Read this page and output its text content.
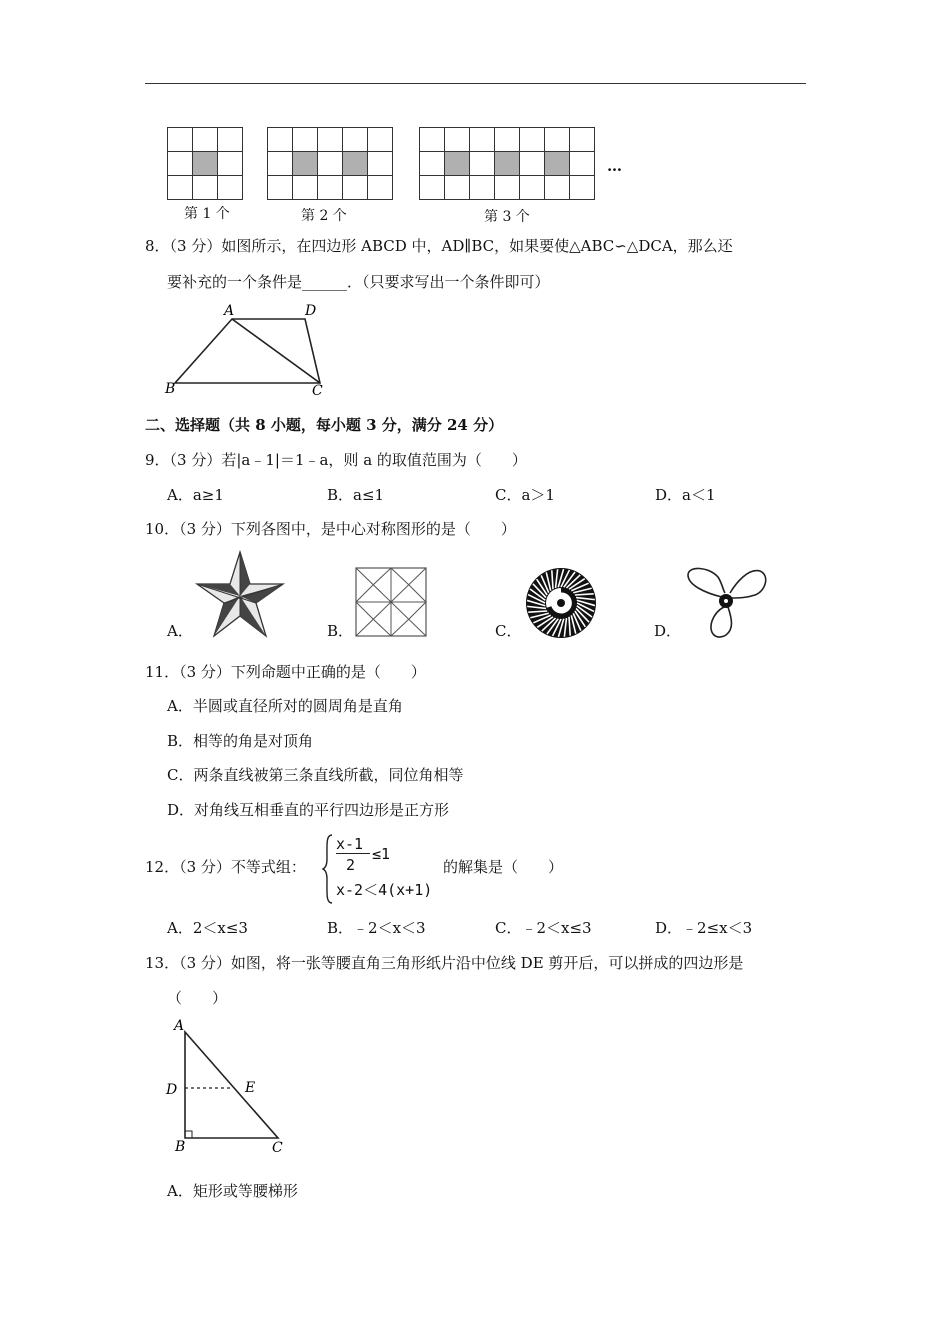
第 1 个	第 2 个	第 3 个
…
8．（3 分）如图所示，在四边形 ABCD 中，AD∥BC，如果要使△ABC∽△DCA，那么还
要补充的一个条件是______．（只要求写出一个条件即可）
A	D
B	C
二、选择题（共 8 小题，每小题 3 分，满分 24 分）
9．（3 分）若|a﹣1|＝1﹣a，则 a 的取值范围为（　　）
A．a≥1	B．a≤1	C．a＞1	D．a＜1
10．（3 分）下列各图中，是中心对称图形的是（　　）
A．	B．	C．	D．
11．（3 分）下列命题中正确的是（　　）
A．半圆或直径所对的圆周角是直角
B．相等的角是对顶角
C．两条直线被第三条直线所截，同位角相等
D．对角线互相垂直的平行四边形是正方形
12．（3 分）不等式组：
x-1
2
≤1
x-2＜4(x+1)
的解集是（　　）
A．2＜x≤3	B．﹣2＜x＜3	C．﹣2＜x≤3	D．﹣2≤x＜3
13．（3 分）如图，将一张等腰直角三角形纸片沿中位线 DE 剪开后，可以拼成的四边形是
（　　）
A
D	E
B	C
A．矩形或等腰梯形
